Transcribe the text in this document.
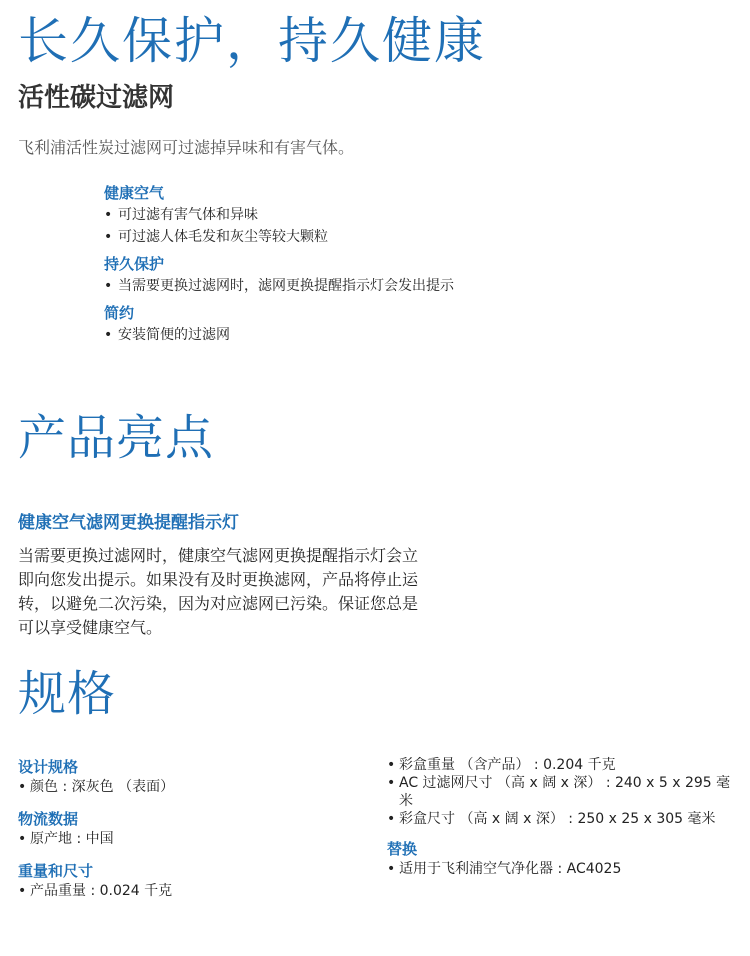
长久保护，持久健康
活性碳过滤网

飞利浦活性炭过滤网可过滤掉异味和有害气体。

健康空气

• 可过滤有害气体和异味

• 可过滤人体毛发和灰尘等较大颗粒

持久保护

• 当需要更换过滤网时，滤网更换提醒指示灯会发出提示

简约

• 安装简便的过滤网

产品亮点

健康空气滤网更换提醒指示灯

当需要更换过滤网时，健康空气滤网更换提醒指示灯会立即向您发出提示。如果没有及时更换滤网，产品将停止运转，以避免二次污染，因为对应滤网已污染。保证您总是可以享受健康空气。

规格

设计规格

• 颜色 : 深灰色 （表面）

物流数据

• 原产地 : 中国

重量和尺寸

• 产品重量 : 0.024 千克
• 彩盒重量 （含产品） : 0.204 千克
• AC 过滤网尺寸 （高 x 阔 x 深） : 240 x 5 x 295 毫米
• 彩盒尺寸 （高 x 阔 x 深） : 250 x 25 x 305 毫米

替换

• 适用于飞利浦空气净化器 : AC4025
